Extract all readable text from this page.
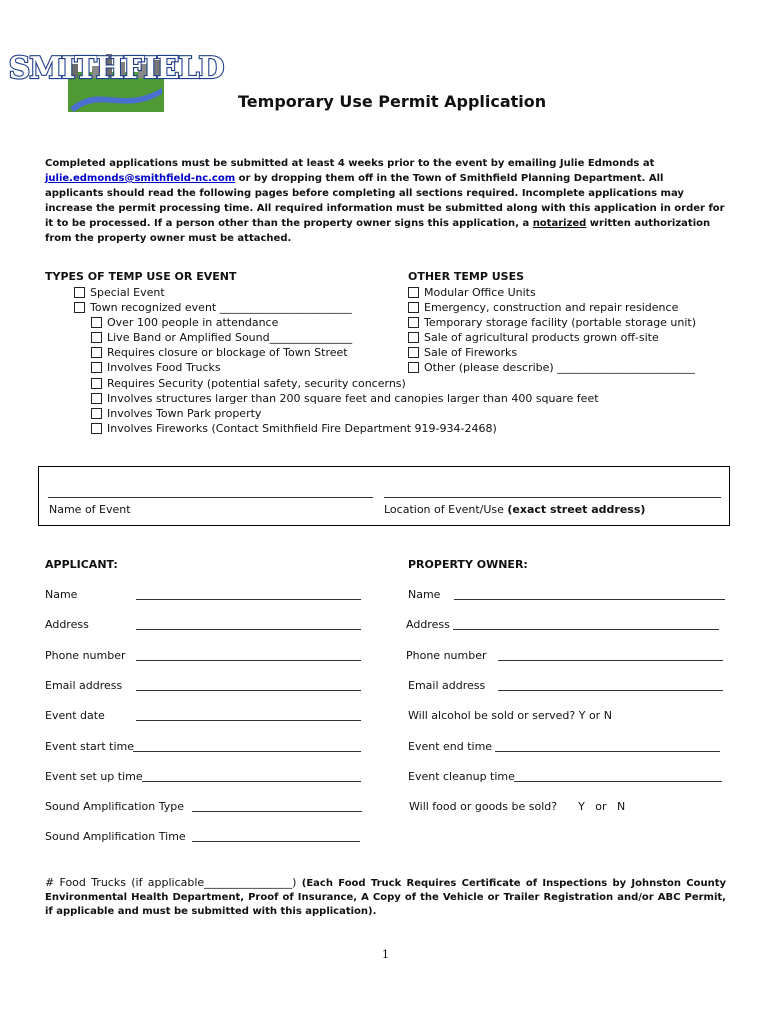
SMITHFIELD
Temporary Use Permit Application
Completed applications must be submitted at least 4 weeks prior to the event by emailing Julie Edmonds at
julie.edmonds@smithfield-nc.com or by dropping them off in the Town of Smithfield Planning Department. All applicants should read the following pages before completing all sections required. Incomplete applications may increase the permit processing time. All required information must be submitted along with this application in order for it to be processed. If a person other than the property owner signs this application, a notarized written authorization from the property owner must be attached.
TYPES OF TEMP USE OR EVENT
Special Event
Town recognized event ________________________
Over 100 people in attendance
Live Band or Amplified Sound_______________
Requires closure or blockage of Town Street
Involves Food Trucks
Requires Security (potential safety, security concerns)
Involves structures larger than 200 square feet and canopies larger than 400 square feet
Involves Town Park property
Involves Fireworks (Contact Smithfield Fire Department 919-934-2468)
OTHER TEMP USES
Modular Office Units
Emergency, construction and repair residence
Temporary storage facility (portable storage unit)
Sale of agricultural products grown off-site
Sale of Fireworks
Other (please describe) _________________________
Name of Event	Location of Event/Use (exact street address)
APPLICANT:	PROPERTY OWNER:
Name
Address
Phone number
Email address
Event date
Event start time
Event set up time
Sound Amplification Type
Sound Amplification Time
Name
Address
Phone number
Email address
Will alcohol be sold or served? Y or N
Event end time
Event cleanup time
Will food or goods be sold?      Y   or   N
# Food Trucks (if applicable________________) (Each Food Truck Requires Certificate of Inspections by Johnston County Environmental Health Department, Proof of Insurance, A Copy of the Vehicle or Trailer Registration and/or ABC Permit, if applicable and must be submitted with this application).
1
